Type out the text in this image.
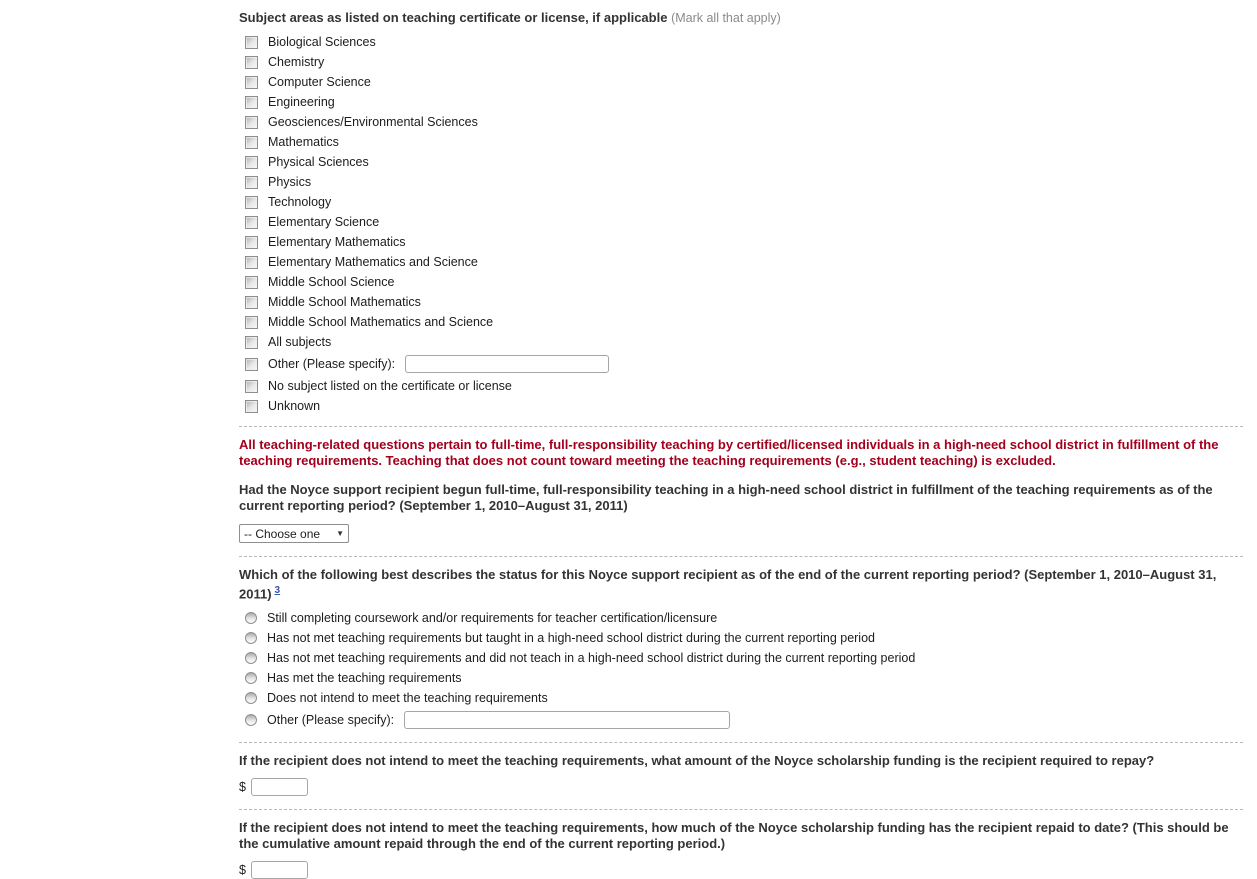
Subject areas as listed on teaching certificate or license, if applicable (Mark all that apply)
Biological Sciences
Chemistry
Computer Science
Engineering
Geosciences/Environmental Sciences
Mathematics
Physical Sciences
Physics
Technology
Elementary Science
Elementary Mathematics
Elementary Mathematics and Science
Middle School Science
Middle School Mathematics
Middle School Mathematics and Science
All subjects
Other (Please specify):
No subject listed on the certificate or license
Unknown
All teaching-related questions pertain to full-time, full-responsibility teaching by certified/licensed individuals in a high-need school district in fulfillment of the teaching requirements. Teaching that does not count toward meeting the teaching requirements (e.g., student teaching) is excluded.
Had the Noyce support recipient begun full-time, full-responsibility teaching in a high-need school district in fulfillment of the teaching requirements as of the current reporting period? (September 1, 2010–August 31, 2011)
-- Choose one ▼
Which of the following best describes the status for this Noyce support recipient as of the end of the current reporting period? (September 1, 2010–August 31, 2011) $^3$
Still completing coursework and/or requirements for teacher certification/licensure
Has not met teaching requirements but taught in a high-need school district during the current reporting period
Has not met teaching requirements and did not teach in a high-need school district during the current reporting period
Has met the teaching requirements
Does not intend to meet the teaching requirements
Other (Please specify):
If the recipient does not intend to meet the teaching requirements, what amount of the Noyce scholarship funding is the recipient required to repay?
$
If the recipient does not intend to meet the teaching requirements, how much of the Noyce scholarship funding has the recipient repaid to date? (This should be the cumulative amount repaid through the end of the current reporting period.)
$
